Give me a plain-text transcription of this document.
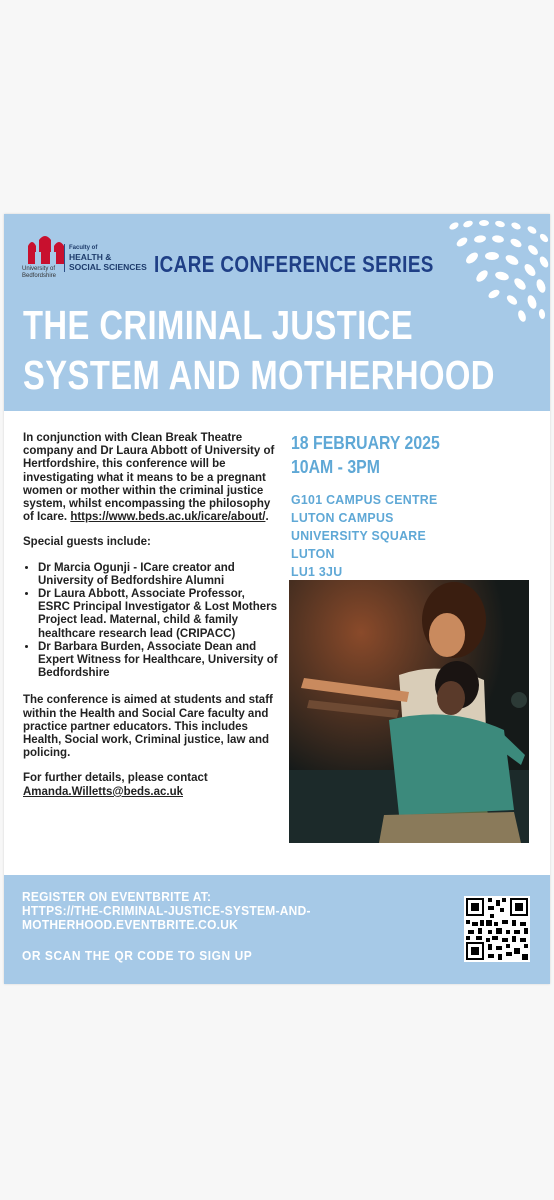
University of
Bedfordshire
Faculty of
HEALTH &
SOCIAL SCIENCES ICARE CONFERENCE SERIES
THE CRIMINAL JUSTICE
SYSTEM AND MOTHERHOOD

In conjunction with Clean Break Theatre company and Dr Laura Abbott of University of Hertfordshire, this conference will be investigating what it means to be a pregnant women or mother within the criminal justice system, whilst encompassing the philosophy of Icare. https://www.beds.ac.uk/icare/about/.

Special guests include:

• Dr Marcia Ogunji - ICare creator and University of Bedfordshire Alumni
• Dr Laura Abbott, Associate Professor, ESRC Principal Investigator & Lost Mothers Project lead. Maternal, child & family healthcare research lead (CRIPACC)
• Dr Barbara Burden, Associate Dean and Expert Witness for Healthcare, University of Bedfordshire

The conference is aimed at students and staff within the Health and Social Care faculty and practice partner educators. This includes Health, Social work, Criminal justice, law and policing.

For further details, please contact
Amanda.Willetts@beds.ac.uk

18 FEBRUARY 2025
10AM - 3PM
G101 CAMPUS CENTRE
LUTON CAMPUS
UNIVERSITY SQUARE
LUTON
LU1 3JU
REGISTER ON EVENTBRITE AT:
HTTPS://THE-CRIMINAL-JUSTICE-SYSTEM-AND-
MOTHERHOOD.EVENTBRITE.CO.UK
OR SCAN THE QR CODE TO SIGN UP
